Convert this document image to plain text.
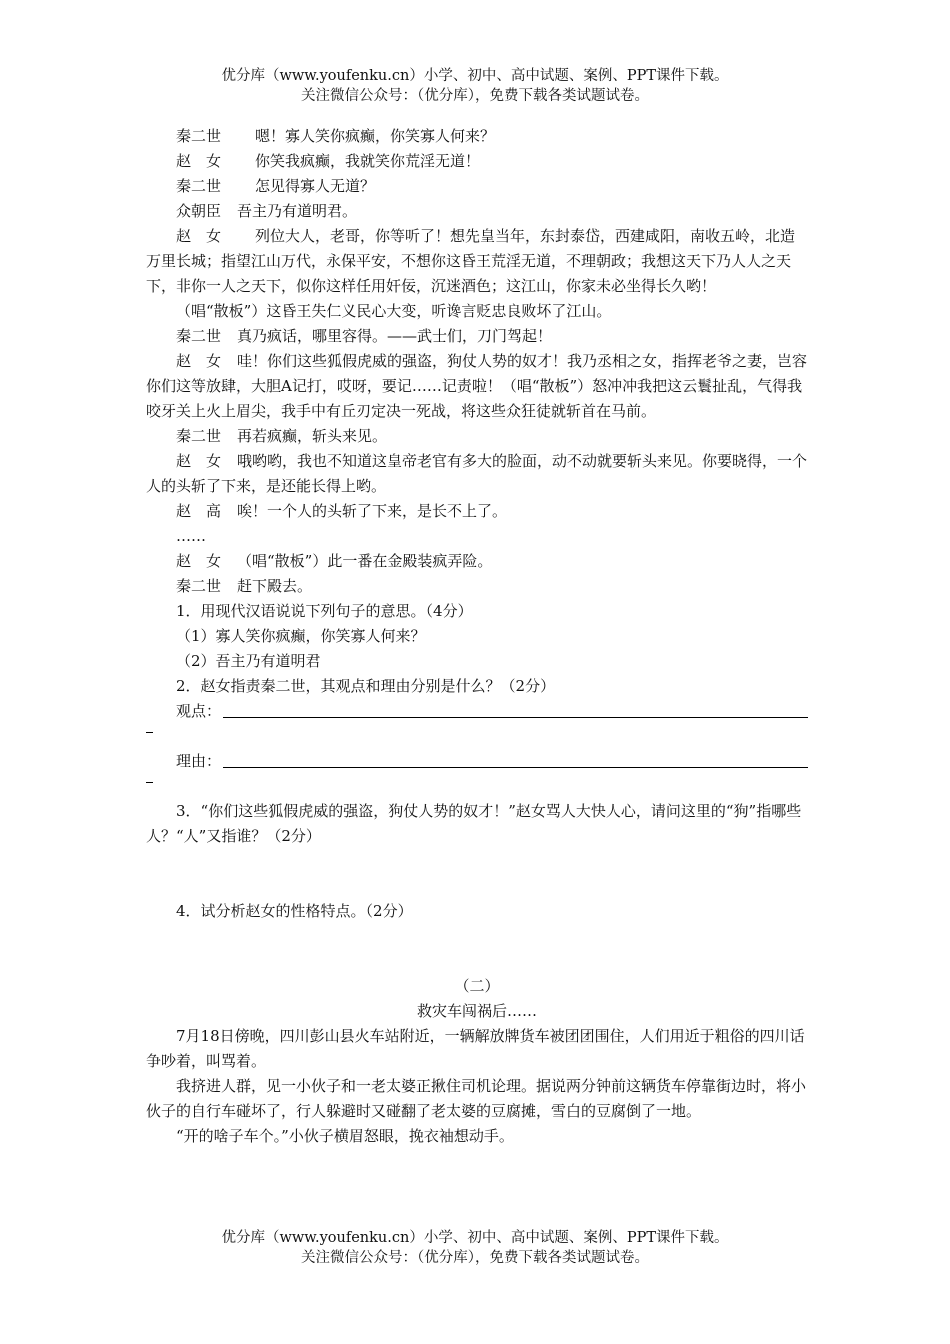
优分库（www.youfenku.cn）小学、初中、高中试题、案例、PPT课件下载。
关注微信公众号：（优分库），免费下载各类试题试卷。

秦二世 嗯！寡人笑你疯癫，你笑寡人何来？

赵　女 你笑我疯癫，我就笑你荒淫无道！

秦二世 怎见得寡人无道？

众朝臣 吾主乃有道明君。

赵　女 列位大人，老哥，你等听了！想先皇当年，东封泰岱，西建咸阳，南收五岭，北造万里长城；指望江山万代，永保平安，不想你这昏王荒淫无道，不理朝政；我想这天下乃人人之天下，非你一人之天下，似你这样任用奸佞，沉迷酒色；这江山，你家未必坐得长久哟！

（唱“散板”）这昏王失仁义民心大变，听谗言贬忠良败坏了江山。

秦二世 真乃疯话，哪里容得。——武士们，刀门驾起！

赵　女 哇！你们这些狐假虎威的强盗，狗仗人势的奴才！我乃丞相之女，指挥老爷之妻，岂容你们这等放肆，大胆A记打，哎呀，要记……记责啦！（唱“散板”）怒冲冲我把这云鬟扯乱，气得我咬牙关上火上眉尖，我手中有丘刃定决一死战，将这些众狂徒就斩首在马前。

秦二世 再若疯癫，斩头来见。

赵　女 哦哟哟，我也不知道这皇帝老官有多大的脸面，动不动就要斩头来见。你要晓得，一个人的头斩了下来，是还能长得上哟。

赵　高 唉！一个人的头斩了下来，是长不上了。

……

赵　女 （唱“散板”）此一番在金殿装疯弄险。

秦二世 赶下殿去。

1．用现代汉语说说下列句子的意思。（4分）

（1）寡人笑你疯癫，你笑寡人何来？

（2）吾主乃有道明君

2．赵女指责秦二世，其观点和理由分别是什么？（2分）

观点：
理由：

3．“你们这些狐假虎威的强盗，狗仗人势的奴才！”赵女骂人大快人心，请问这里的“狗”指哪些人？“人”又指谁？（2分）

4．试分析赵女的性格特点。（2分）

（二）

救灾车闯祸后……

7月18日傍晚，四川彭山县火车站附近，一辆解放牌货车被团团围住，人们用近于粗俗的四川话争吵着，叫骂着。

我挤进人群，见一小伙子和一老太婆正揪住司机论理。据说两分钟前这辆货车停靠街边时，将小伙子的自行车碰坏了，行人躲避时又碰翻了老太婆的豆腐摊，雪白的豆腐倒了一地。

“开的啥子车个。”小伙子横眉怒眼，挽衣袖想动手。

优分库（www.youfenku.cn）小学、初中、高中试题、案例、PPT课件下载。
关注微信公众号：（优分库），免费下载各类试题试卷。
